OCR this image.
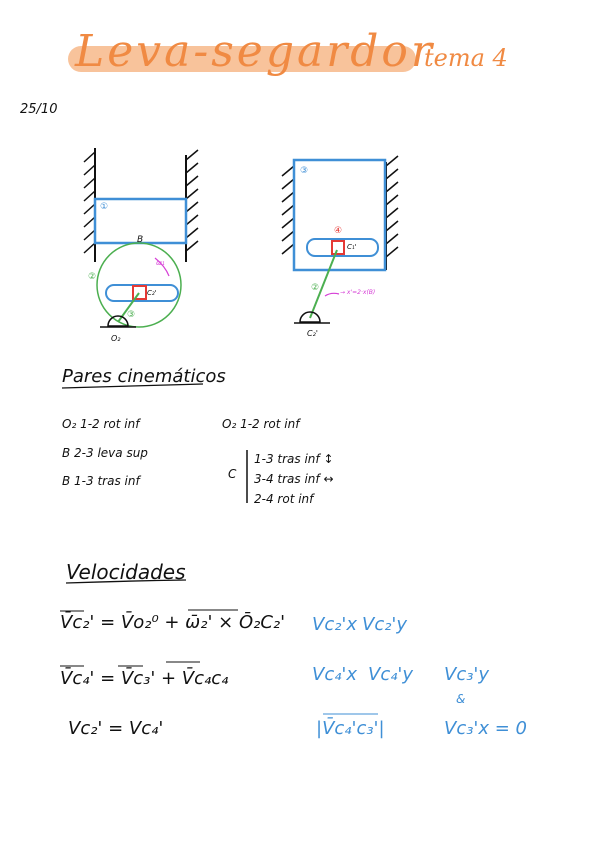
Leva-segardor
tema 4
25/10
①
B
ω₁
②
C₂'
③
O₂
③
④
C₁'
②	→ x'=2·x(B)
C₂'
Pares cinemáticos
O₂ 1-2 rot inf
B 2-3 leva sup
B 1-3 tras inf
O₂ 1-2 rot inf
C
1-3 tras inf ↕
3-4 tras inf ↔
2-4 rot inf
Velocidades
V̄c₂' = V̄o₂⁰ + ω̄₂' × Ō₂C₂'
V̄c₄' = V̄c₃' + V̄c₄c₄
Vc₂' = Vc₄'
Vc₂'x Vc₂'y
Vc₄'x Vc₄'y Vc₃'y
&
|V̄c₄'c₃'|	Vc₃'x = 0
